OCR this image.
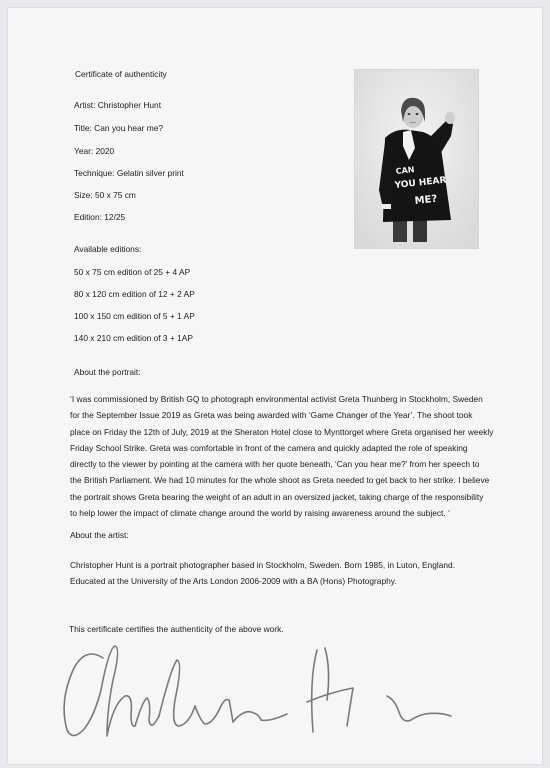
Certificate of authenticity
Artist: Christopher Hunt
Title: Can you hear me?
Year: 2020
Technique: Gelatin silver print
Size: 50 x 75 cm
Edition: 12/25
Available editions:
50 x 75 cm edition of 25 + 4 AP
80 x 120 cm edition of 12 + 2 AP
100 x 150 cm edition of 5 + 1 AP
140 x 210 cm edition of 3 + 1AP
About the portrait:
‘I was commissioned by British GQ to photograph environmental activist Greta Thunberg in Stockholm, Sweden
for the September Issue 2019 as Greta was being awarded with ‘Game Changer of the Year’. The shoot took
place on Friday the 12th of July, 2019 at the Sheraton Hotel close to Mynttorget where Greta organised her weekly
Friday School Strike. Greta was comfortable in front of the camera and quickly adapted the role of speaking
directly to the viewer by pointing at the camera with her quote beneath, ‘Can you hear me?’ from her speech to
the British Parliament. We had 10 minutes for the whole shoot as Greta needed to get back to her strike. I believe
the portrait shows Greta bearing the weight of an adult in an oversized jacket, taking charge of the responsibility
to help lower the impact of climate change around the world by raising awareness around the subject. ‘
About the artist:
Christopher Hunt is a portrait photographer based in Stockholm, Sweden. Born 1985, in Luton, England.
Educated at the University of the Arts London 2006-2009 with a BA (Hons) Photography.
This certificate certifies the authenticity of the above work.
CAN
YOU HEAR
ME?
